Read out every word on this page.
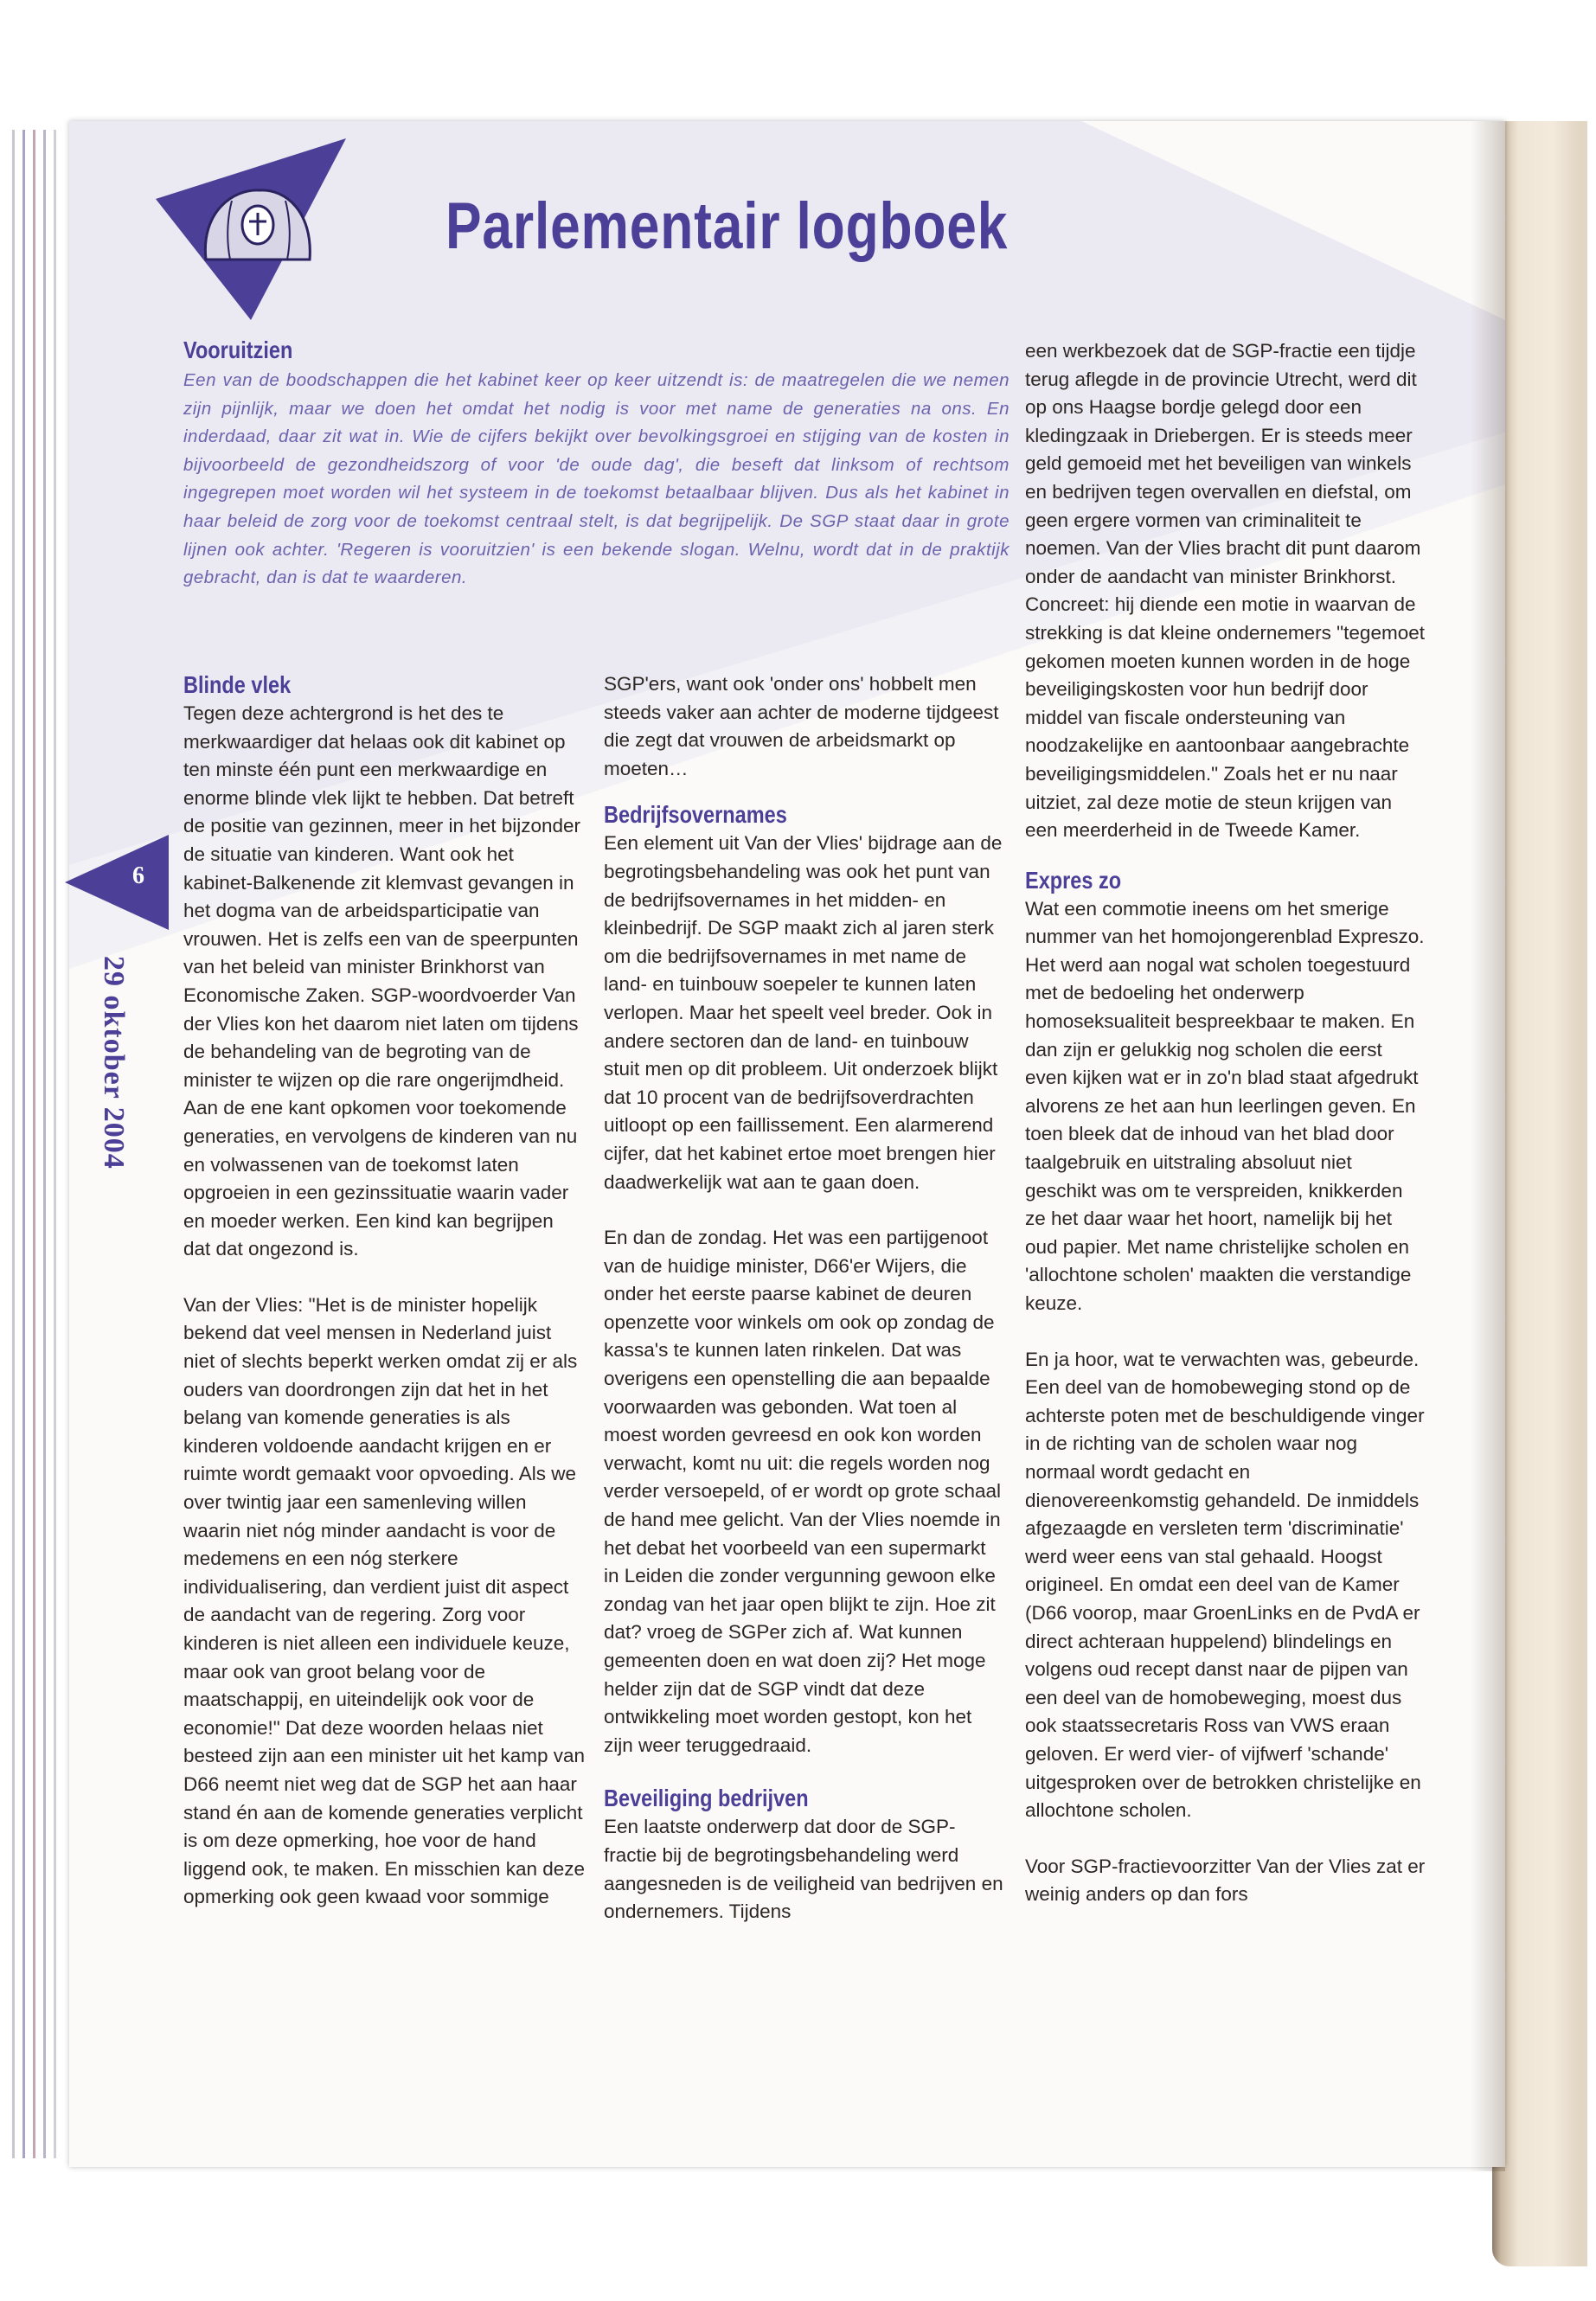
Parlementair logboek
6
29 oktober 2004
Vooruitzien

Een van de boodschappen die het kabinet keer op keer uitzendt is: de maatregelen die we nemen zijn pijnlijk, maar we doen het omdat het nodig is voor met name de generaties na ons. En inderdaad, daar zit wat in. Wie de cijfers bekijkt over bevolkingsgroei en stijging van de kosten in bijvoorbeeld de gezondheidszorg of voor 'de oude dag', die beseft dat linksom of rechtsom ingegrepen moet worden wil het systeem in de toekomst betaalbaar blijven. Dus als het kabinet in haar beleid de zorg voor de toekomst centraal stelt, is dat begrijpelijk. De SGP staat daar in grote lijnen ook achter. 'Regeren is vooruitzien' is een bekende slogan. Welnu, wordt dat in de praktijk gebracht, dan is dat te waarderen.

Blinde vlek

Tegen deze achtergrond is het des te merkwaardiger dat helaas ook dit kabinet op ten minste één punt een merkwaardige en enorme blinde vlek lijkt te hebben. Dat betreft de positie van gezinnen, meer in het bijzonder de situatie van kinderen. Want ook het kabinet-Balkenende zit klemvast gevangen in het dogma van de arbeidsparticipatie van vrouwen. Het is zelfs een van de speerpunten van het beleid van minister Brinkhorst van Economische Zaken. SGP-woordvoerder Van der Vlies kon het daarom niet laten om tijdens de behandeling van de begroting van de minister te wijzen op die rare ongerijmdheid. Aan de ene kant opkomen voor toekomende generaties, en vervolgens de kinderen van nu en volwassenen van de toekomst laten opgroeien in een gezinssituatie waarin vader en moeder werken. Een kind kan begrijpen dat dat ongezond is.

Van der Vlies: "Het is de minister hopelijk bekend dat veel mensen in Nederland juist niet of slechts beperkt werken omdat zij er als ouders van doordrongen zijn dat het in het belang van komende generaties is als kinderen voldoende aandacht krijgen en er ruimte wordt gemaakt voor opvoeding. Als we over twintig jaar een samenleving willen waarin niet nóg minder aandacht is voor de medemens en een nóg sterkere individualisering, dan verdient juist dit aspect de aandacht van de regering. Zorg voor kinderen is niet alleen een individuele keuze, maar ook van groot belang voor de maatschappij, en uiteindelijk ook voor de economie!" Dat deze woorden helaas niet besteed zijn aan een minister uit het kamp van D66 neemt niet weg dat de SGP het aan haar stand én aan de komende generaties verplicht is om deze opmerking, hoe voor de hand liggend ook, te maken. En misschien kan deze opmerking ook geen kwaad voor sommige

SGP'ers, want ook 'onder ons' hobbelt men steeds vaker aan achter de moderne tijdgeest die zegt dat vrouwen de arbeidsmarkt op moeten…

Bedrijfsovernames

Een element uit Van der Vlies' bijdrage aan de begrotingsbehandeling was ook het punt van de bedrijfsovernames in het midden- en kleinbedrijf. De SGP maakt zich al jaren sterk om die bedrijfsovernames in met name de land- en tuinbouw soepeler te kunnen laten verlopen. Maar het speelt veel breder. Ook in andere sectoren dan de land- en tuinbouw stuit men op dit probleem. Uit onderzoek blijkt dat 10 procent van de bedrijfsoverdrachten uitloopt op een faillissement. Een alarmerend cijfer, dat het kabinet ertoe moet brengen hier daadwerkelijk wat aan te gaan doen.

En dan de zondag. Het was een partijgenoot van de huidige minister, D66'er Wijers, die onder het eerste paarse kabinet de deuren openzette voor winkels om ook op zondag de kassa's te kunnen laten rinkelen. Dat was overigens een openstelling die aan bepaalde voorwaarden was gebonden. Wat toen al moest worden gevreesd en ook kon worden verwacht, komt nu uit: die regels worden nog verder versoepeld, of er wordt op grote schaal de hand mee gelicht. Van der Vlies noemde in het debat het voorbeeld van een supermarkt in Leiden die zonder vergunning gewoon elke zondag van het jaar open blijkt te zijn. Hoe zit dat? vroeg de SGPer zich af. Wat kunnen gemeenten doen en wat doen zij? Het moge helder zijn dat de SGP vindt dat deze ontwikkeling moet worden gestopt, kon het zijn weer teruggedraaid.

Beveiliging bedrijven

Een laatste onderwerp dat door de SGP-fractie bij de begrotingsbehandeling werd aangesneden is de veiligheid van bedrijven en ondernemers. Tijdens

een werkbezoek dat de SGP-fractie een tijdje terug aflegde in de provincie Utrecht, werd dit op ons Haagse bordje gelegd door een kledingzaak in Driebergen. Er is steeds meer geld gemoeid met het beveiligen van winkels en bedrijven tegen overvallen en diefstal, om geen ergere vormen van criminaliteit te noemen. Van der Vlies bracht dit punt daarom onder de aandacht van minister Brinkhorst. Concreet: hij diende een motie in waarvan de strekking is dat kleine ondernemers "tegemoet gekomen moeten kunnen worden in de hoge beveiligingskosten voor hun bedrijf door middel van fiscale ondersteuning van noodzakelijke en aantoonbaar aangebrachte beveiligingsmiddelen." Zoals het er nu naar uitziet, zal deze motie de steun krijgen van een meerderheid in de Tweede Kamer.

Expres zo

Wat een commotie ineens om het smerige nummer van het homojongerenblad Expreszo. Het werd aan nogal wat scholen toegestuurd met de bedoeling het onderwerp homoseksualiteit bespreekbaar te maken. En dan zijn er gelukkig nog scholen die eerst even kijken wat er in zo'n blad staat afgedrukt alvorens ze het aan hun leerlingen geven. En toen bleek dat de inhoud van het blad door taalgebruik en uitstraling absoluut niet geschikt was om te verspreiden, knikkerden ze het daar waar het hoort, namelijk bij het oud papier. Met name christelijke scholen en 'allochtone scholen' maakten die verstandige keuze.

En ja hoor, wat te verwachten was, gebeurde. Een deel van de homobeweging stond op de achterste poten met de beschuldigende vinger in de richting van de scholen waar nog normaal wordt gedacht en dienovereenkomstig gehandeld. De inmiddels afgezaagde en versleten term 'discriminatie' werd weer eens van stal gehaald. Hoogst origineel. En omdat een deel van de Kamer (D66 voorop, maar GroenLinks en de PvdA er direct achteraan huppelend) blindelings en volgens oud recept danst naar de pijpen van een deel van de homobeweging, moest dus ook staatssecretaris Ross van VWS eraan geloven. Er werd vier- of vijfwerf 'schande' uitgesproken over de betrokken christelijke en allochtone scholen.

Voor SGP-fractievoorzitter Van der Vlies zat er weinig anders op dan fors
